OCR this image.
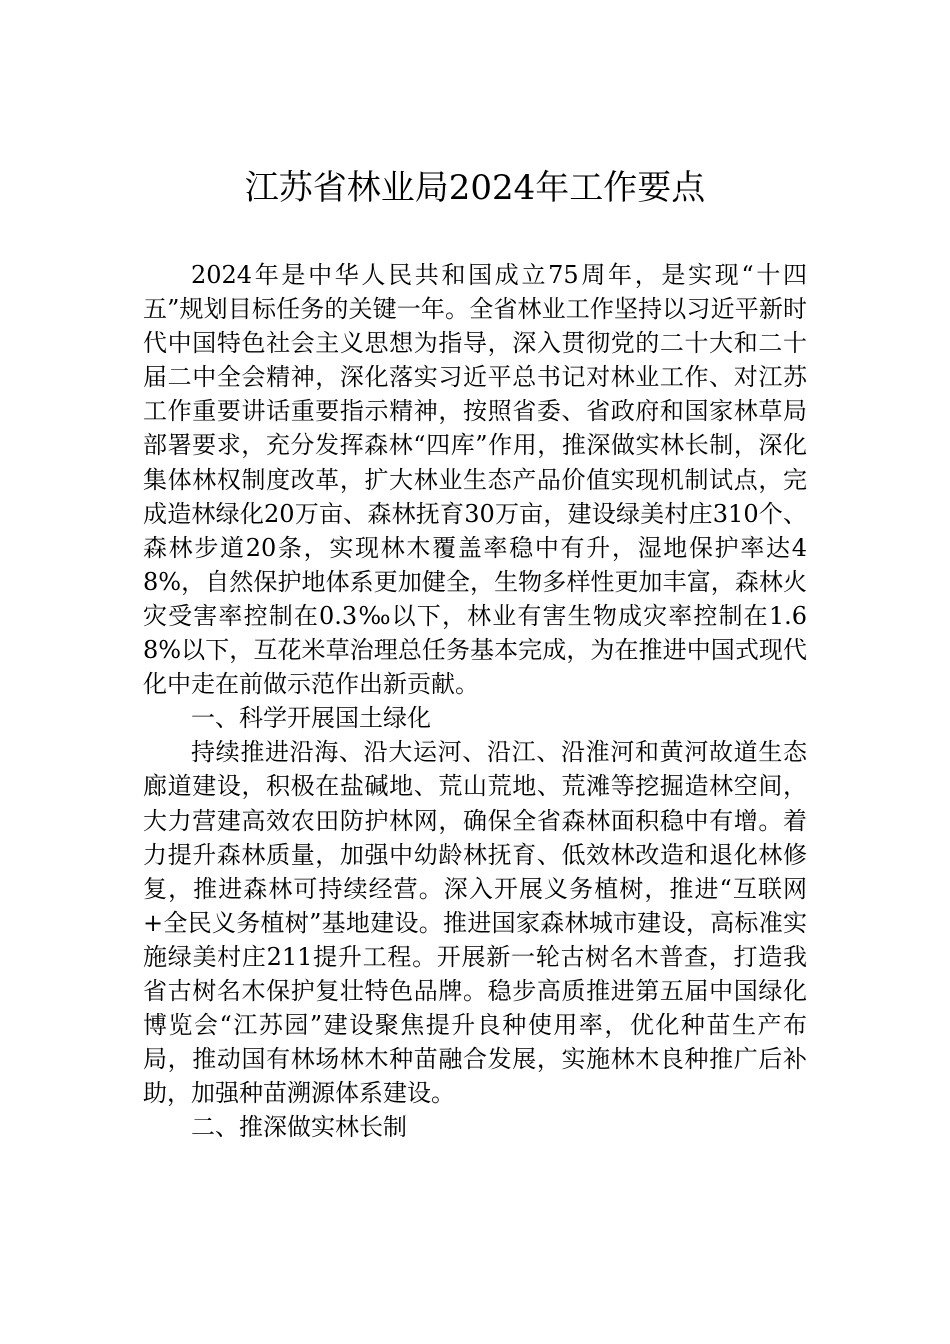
江苏省林业局2024年工作要点

2024年是中华人民共和国成立75周年，是实现“十四五”规划目标任务的关键一年。全省林业工作坚持以习近平新时代中国特色社会主义思想为指导，深入贯彻党的二十大和二十届二中全会精神，深化落实习近平总书记对林业工作、对江苏工作重要讲话重要指示精神，按照省委、省政府和国家林草局部署要求，充分发挥森林“四库”作用，推深做实林长制，深化集体林权制度改革，扩大林业生态产品价值实现机制试点，完成造林绿化20万亩、森林抚育30万亩，建设绿美村庄310个、森林步道20条，实现林木覆盖率稳中有升，湿地保护率达48%，自然保护地体系更加健全，生物多样性更加丰富，森林火灾受害率控制在0.3‰以下，林业有害生物成灾率控制在1.68%以下，互花米草治理总任务基本完成，为在推进中国式现代化中走在前做示范作出新贡献。

一、科学开展国土绿化

持续推进沿海、沿大运河、沿江、沿淮河和黄河故道生态廊道建设，积极在盐碱地、荒山荒地、荒滩等挖掘造林空间，大力营建高效农田防护林网，确保全省森林面积稳中有增。着力提升森林质量，加强中幼龄林抚育、低效林改造和退化林修复，推进森林可持续经营。深入开展义务植树，推进“互联网+全民义务植树”基地建设。推进国家森林城市建设，高标准实施绿美村庄211提升工程。开展新一轮古树名木普查，打造我省古树名木保护复壮特色品牌。稳步高质推进第五届中国绿化博览会“江苏园”建设聚焦提升良种使用率，优化种苗生产布局，推动国有林场林木种苗融合发展，实施林木良种推广后补助，加强种苗溯源体系建设。

二、推深做实林长制
